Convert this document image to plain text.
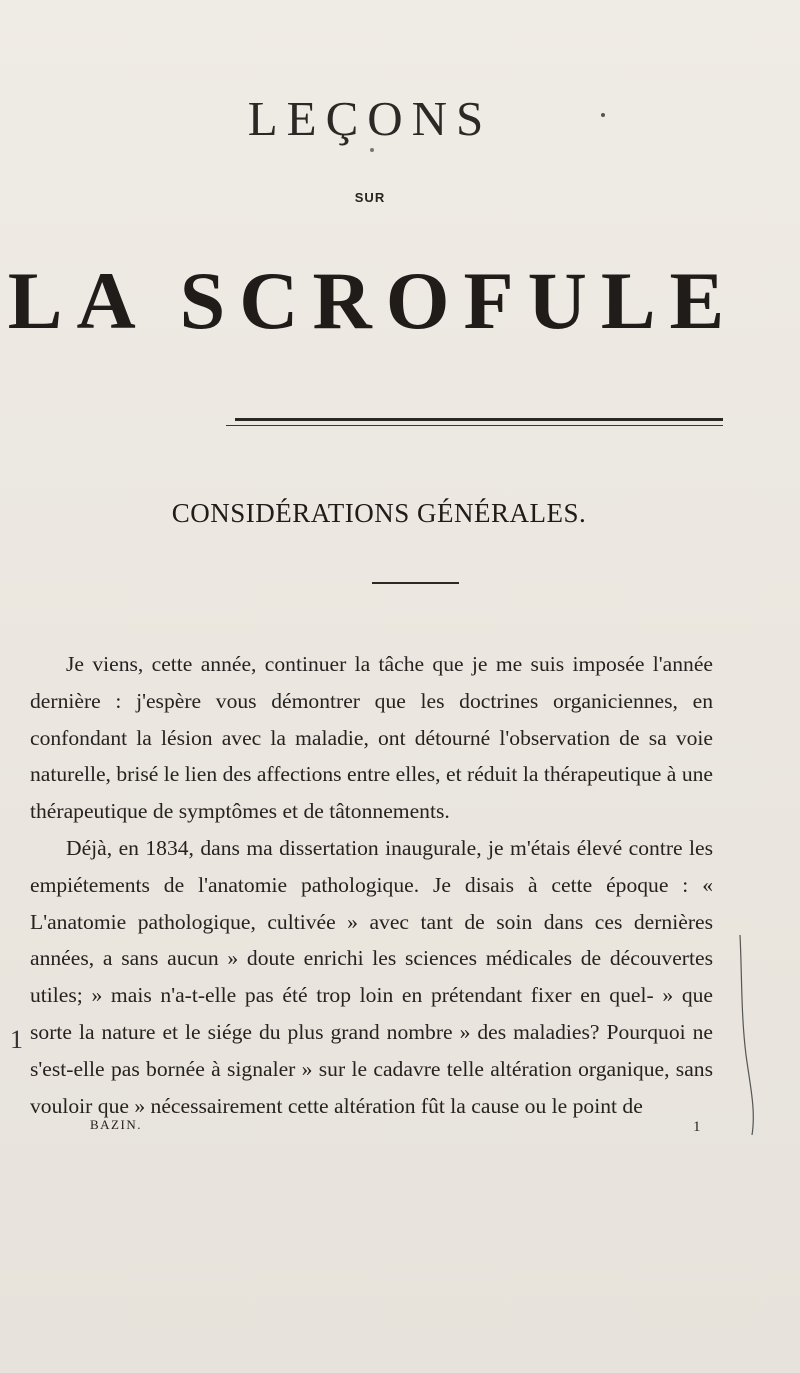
LEÇONS
SUR
LA SCROFULE
CONSIDÉRATIONS GÉNÉRALES.

Je viens, cette année, continuer la tâche que je me suis imposée l'année dernière : j'espère vous démontrer que les doctrines organiciennes, en confondant la lésion avec la maladie, ont détourné l'observation de sa voie naturelle, brisé le lien des affections entre elles, et réduit la thérapeutique à une thérapeutique de symptômes et de tâtonnements.

Déjà, en 1834, dans ma dissertation inaugurale, je m'étais élevé contre les empiétements de l'anatomie pathologique. Je disais à cette époque : « L'anatomie pathologique, cultivée » avec tant de soin dans ces dernières années, a sans aucun » doute enrichi les sciences médicales de découvertes utiles; » mais n'a-t-elle pas été trop loin en prétendant fixer en quel- » que sorte la nature et le siége du plus grand nombre » des maladies? Pourquoi ne s'est-elle pas bornée à signaler » sur le cadavre telle altération organique, sans vouloir que » nécessairement cette altération fût la cause ou le point de

1
BAZIN.	1
